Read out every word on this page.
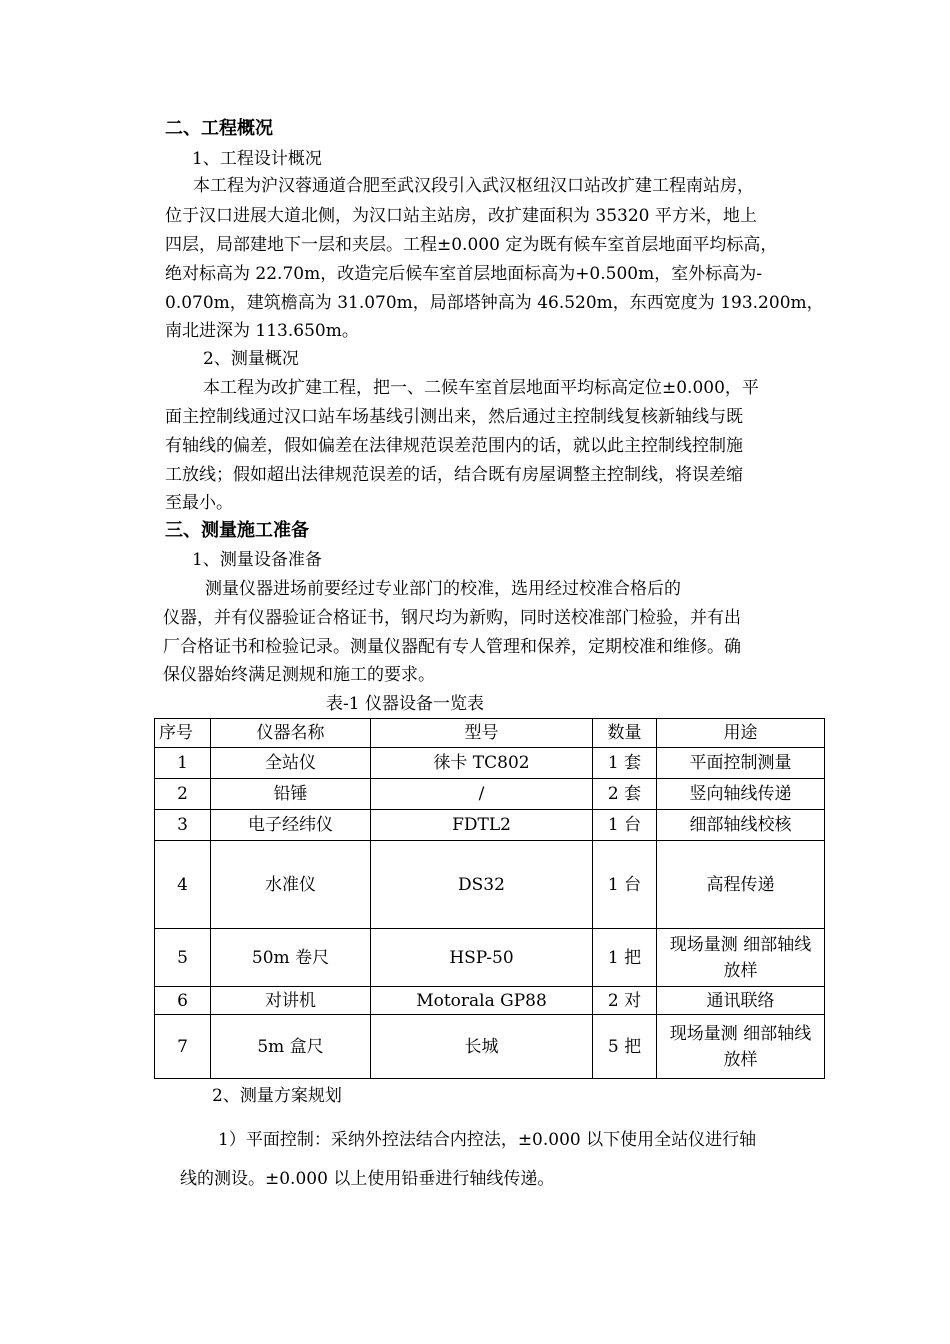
二、工程概况
1、工程设计概况
本工程为沪汉蓉通道合肥至武汉段引入武汉枢纽汉口站改扩建工程南站房，
位于汉口进展大道北侧，为汉口站主站房，改扩建面积为 35320 平方米，地上
四层，局部建地下一层和夹层。工程±0.000 定为既有候车室首层地面平均标高，
绝对标高为 22.70m，改造完后候车室首层地面标高为+0.500m，室外标高为-
0.070m，建筑檐高为 31.070m，局部塔钟高为 46.520m，东西宽度为 193.200m，
南北进深为 113.650m。
2、测量概况
本工程为改扩建工程，把一、二候车室首层地面平均标高定位±0.000，平
面主控制线通过汉口站车场基线引测出来，然后通过主控制线复核新轴线与既
有轴线的偏差，假如偏差在法律规范误差范围内的话，就以此主控制线控制施
工放线；假如超出法律规范误差的话，结合既有房屋调整主控制线，将误差缩
至最小。
三、测量施工准备
1、测量设备准备
测量仪器进场前要经过专业部门的校准，选用经过校准合格后的
仪器，并有仪器验证合格证书，钢尺均为新购，同时送校准部门检验，并有出
厂合格证书和检验记录。测量仪器配有专人管理和保养，定期校准和维修。确
保仪器始终满足测规和施工的要求。
表-1 仪器设备一览表
序号	仪器名称	型号	数量	用途
1	全站仪	徕卡 TC802	1 套	平面控制测量
2	铅锤	/	2 套	竖向轴线传递
3	电子经纬仪	FDTL2	1 台	细部轴线校核
4	水准仪	DS32	1 台	高程传递
5	50m 卷尺	HSP-50	1 把	现场量测 细部轴线放样
6	对讲机	Motorala GP88	2 对	通讯联络
7	5m 盒尺	长城	5 把	现场量测 细部轴线放样
2、测量方案规划
1）平面控制：采纳外控法结合内控法，±0.000 以下使用全站仪进行轴
线的测设。±0.000 以上使用铅垂进行轴线传递。
